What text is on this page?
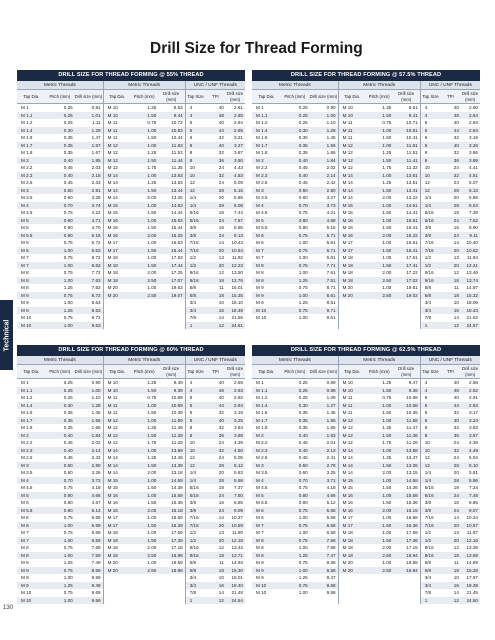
Drill Size for Thread Forming
Technical
130
DRILL SIZE FOR THREAD FORMING @ 55% THREAD
Metric Threads	Metric Threads	UNC / UNF Threads
Tap Dia.	Pitch (mm)	Drill size (mm)	Tap Dia.	Pitch (mm)
Drill size (mm)
Tap Size	TPI
Drill size (mm)
M 1	0.25	0.91
M 1.1	0.25	1.01
M 1.2	0.25	1.11
M 1.4	0.30	1.29
M 1.6	0.35	1.47
M 1.7	0.35	1.57
M 1.8	0.35	1.67
M 2	0.40	1.85
M 2.2	0.45	2.03
M 2.3	0.40	2.15
M 2.5	0.45	2.33
M 3	0.50	2.81
M 3.5	0.60	3.28
M 4	0.70	3.74
M 4.5	0.75	4.22
M 5	0.80	4.71
M 5	0.80	4.70
M 5.5	0.90	5.16
M 6	0.75	5.72
M 6	1.00	5.63
M 7	0.75	6.72
M 7	1.00	6.63
M 8	0.75	7.72
M 8	1.00	7.63
M 8	1.25	7.53
M 9	0.75	8.72
M 9	1.00	8.63
M 9	1.25	8.53
M 10	0.75	9.72
M 10	1.00	9.63
M 10	1.25	9.53
M 10	1.50	9.44
M 11	0.75	10.72
M 11	1.00	10.63
M 11	1.50	10.44
M 12	1.00	11.63
M 12	1.25	11.53
M 12	1.50	11.44
M 12	1.75	11.35
M 14	1.00	13.63
M 14	1.25	13.53
M 14	1.50	13.44
M 14	2.00	13.25
M 15	1.00	14.63
M 15	1.50	14.44
M 16	1.00	15.63
M 16	1.50	15.44
M 16	2.00	15.25
M 17	1.00	16.63
M 17	1.50	16.44
M 18	1.00	17.63
M 18	1.50	17.44
M 18	2.00	17.25
M 18	2.50	17.07
M 20	1.00	19.63
M 20	2.50	19.07
4	40	2.61
4	48	2.65
5	40	2.94
5	44	2.95
6	32	3.21
6	40	3.27
8	32	3.87
8	36	3.90
10	24	4.43
10	32	4.53
12	24	5.09
12	28	5.15
1/4	20	5.88
1/4	28	6.06
5/16	18	7.44
5/16	24	7.57
3/8	16	8.95
3/8	24	9.13
7/16	14	10.43
7/16	20	10.64
1/2	13	11.92
1/2	20	12.23
9/16	12	13.50
9/16	18	13.76
5/8	11	15.01
5/8	18	15.35
3/4	10	18.10
3/4	16	18.48
7/8	14	21.55
1	12	24.61
DRILL SIZE FOR THREAD FORMING @ 57.5% THREAD
Metric Threads	Metric Threads	UNC / UNF Threads
Tap Dia.	Pitch (mm)	Drill size (mm)	Tap Dia.	Pitch (mm)
Drill size (mm)
Tap Size	TPI
Drill size (mm)
M 1	0.25	0.90
M 1.1	0.25	1.00
M 1.2	0.25	1.10
M 1.4	0.30	1.28
M 1.6	0.35	1.46
M 1.7	0.35	1.56
M 1.8	0.35	1.66
M 2	0.40	1.84
M 2.2	0.45	2.02
M 2.3	0.40	2.14
M 2.5	0.45	2.42
M 3	0.50	2.80
M 3.5	0.60	3.27
M 4	0.70	3.73
M 4.5	0.75	4.21
M 5	0.80	4.68
M 5.5	0.90	5.15
M 6	0.75	5.71
M 6	1.00	5.61
M 7	0.75	6.71
M 7	1.00	6.61
M 8	0.75	7.71
M 8	1.00	7.61
M 8	1.25	7.51
M 9	0.75	8.71
M 9	1.00	8.61
M 9	1.25	8.51
M 10	0.75	9.71
M 10	1.00	9.61
M 10	1.25	9.51
M 10	1.50	9.41
M 11	0.75	10.71
M 11	1.00	10.61
M 11	1.50	10.41
M 12	1.00	11.61
M 12	1.25	11.51
M 12	1.50	11.41
M 12	1.75	11.32
M 14	1.00	13.61
M 14	1.25	13.51
M 14	1.50	13.41
M 14	2.00	13.22
M 15	1.00	14.61
M 15	1.50	14.41
M 16	1.00	15.61
M 16	1.50	15.41
M 16	2.00	15.22
M 17	1.00	16.61
M 17	1.50	16.41
M 18	1.00	17.61
M 18	1.50	17.41
M 18	2.00	17.22
M 18	2.50	17.02
M 20	1.00	19.61
M 20	2.50	19.02
4	40	2.60
4	48	2.64
5	40	2.93
5	44	2.94
6	32	3.19
6	40	3.26
8	32	3.86
8	36	3.89
10	24	4.41
10	32	4.51
12	24	5.07
12	28	5.13
1/4	20	5.85
1/4	28	6.04
5/16	18	7.39
5/16	24	7.52
3/8	16	8.90
3/8	24	9.11
7/16	14	10.40
7/16	20	10.62
1/2	13	11.94
1/2	20	12.21
9/16	12	13.46
9/16	18	13.74
5/8	11	14.97
5/8	18	15.32
3/4	10	18.06
3/4	16	18.43
7/8	14	21.52
1	12	24.57
DRILL SIZE FOR THREAD FORMING @ 60% THREAD
Metric Threads	Metric Threads	UNC / UNF Threads
Tap Dia.	Pitch (mm)	Drill size (mm)	Tap Dia.	Pitch (mm)
Drill size (mm)
Tap Size	TPI
Drill size (mm)
M 1	0.25	0.90
M 1.1	0.25	1.00
M 1.2	0.25	1.10
M 1.4	0.30	1.28
M 1.6	0.35	1.45
M 1.7	0.35	1.55
M 1.8	0.35	1.66
M 2	0.40	1.84
M 2.2	0.45	2.02
M 2.3	0.40	2.14
M 2.5	0.45	2.42
M 3	0.50	2.80
M 3.5	0.60	3.26
M 4	0.70	3.72
M 4.5	0.75	4.18
M 5	0.80	4.66
M 5	0.80	4.67
M 5.5	0.90	5.14
M 6	0.75	5.69
M 6	1.00	5.59
M 7	0.75	6.69
M 7	1.00	6.59
M 8	0.75	7.69
M 8	1.00	7.59
M 8	1.25	7.49
M 9	0.75	8.69
M 9	1.00	8.59
M 9	1.25	8.49
M 10	0.75	9.69
M 10	1.00	9.59
M 10	1.25	9.49
M 10	1.50	9.39
M 11	0.75	10.69
M 11	1.00	10.59
M 11	1.50	10.39
M 12	1.00	11.59
M 12	1.25	11.49
M 12	1.50	11.39
M 12	1.75	11.29
M 14	1.00	13.59
M 14	1.25	13.49
M 14	1.50	13.39
M 14	2.00	13.18
M 15	1.00	14.59
M 15	1.50	14.39
M 16	1.00	15.59
M 16	1.50	15.39
M 16	2.00	15.18
M 17	1.00	16.59
M 17	1.50	16.39
M 18	1.00	17.59
M 18	1.50	17.39
M 18	2.00	17.18
M 18	2.50	16.98
M 20	1.00	19.59
M 20	2.50	18.98
4	40	2.59
4	48	2.63
5	40	2.92
5	44	2.94
6	32	3.18
6	40	3.25
8	32	3.84
8	36	3.88
10	24	4.39
10	32	4.50
12	24	5.05
12	28	5.12
1/4	20	5.83
1/4	28	5.98
5/16	18	7.37
5/16	24	7.50
3/8	16	8.85
3/8	24	9.09
7/16	14	10.37
7/16	20	10.59
1/2	13	11.90
1/2	20	12.18
9/16	12	13.42
9/16	18	13.71
5/8	11	14.93
5/8	18	15.30
3/4	10	18.01
3/4	16	18.40
7/8	14	21.48
1	12	24.54
DRILL SIZE FOR THREAD FORMING @ 62.5% THREAD
Metric Threads	Metric Threads	UNC / UNF Threads
Tap Dia.	Pitch (mm)	Drill size (mm)	Tap Dia.	Pitch (mm)
Drill size (mm)
Tap Size	TPI
Drill size (mm)
M 1	0.25	0.89
M 1.1	0.25	0.99
M 1.2	0.25	1.09
M 1.4	0.30	1.27
M 1.6	0.35	1.45
M 1.7	0.35	1.55
M 1.8	0.35	1.65
M 2	0.40	1.83
M 2.2	0.45	2.01
M 2.3	0.40	2.13
M 2.5	0.45	2.41
M 3	0.50	2.78
M 3.5	0.60	3.25
M 4	0.70	3.71
M 4.5	0.75	4.18
M 5	0.80	4.66
M 5.5	0.90	5.12
M 6	0.75	5.68
M 6	1.00	5.58
M 7	0.75	6.68
M 7	1.00	6.58
M 8	0.75	7.68
M 8	1.00	7.58
M 8	1.25	7.47
M 9	0.75	8.68
M 9	1.00	8.58
M 9	1.25	8.47
M 10	0.75	9.68
M 10	1.00	9.58
M 10	1.25	9.47
M 10	1.50	9.36
M 11	0.75	10.68
M 11	1.00	10.58
M 11	1.50	10.36
M 12	1.00	11.58
M 12	1.25	11.47
M 12	1.50	11.36
M 12	1.75	11.26
M 14	1.00	13.58
M 14	1.25	13.47
M 14	1.50	13.36
M 14	2.00	13.15
M 15	1.00	14.58
M 15	1.50	14.36
M 16	1.00	15.58
M 16	1.50	15.36
M 16	2.00	15.15
M 17	1.00	16.58
M 17	1.50	16.36
M 18	1.00	17.58
M 18	1.50	17.36
M 18	2.00	17.15
M 18	2.50	16.94
M 20	1.00	19.58
M 20	2.50	18.94
4	40	2.58
4	48	2.62
5	40	2.91
5	44	2.93
6	32	3.17
6	40	3.24
8	32	3.83
8	36	3.87
10	24	4.38
10	32	4.49
12	24	5.04
12	28	5.10
1/4	20	5.81
1/4	28	5.96
5/16	18	7.34
5/16	24	7.48
3/8	16	8.85
3/8	24	9.07
7/16	14	10.34
7/16	20	10.57
1/2	13	11.87
1/2	20	12.16
9/16	12	13.39
9/16	18	13.69
5/8	11	14.89
5/8	18	15.28
3/4	10	17.97
3/4	16	18.38
7/8	14	21.45
1	12	24.50
